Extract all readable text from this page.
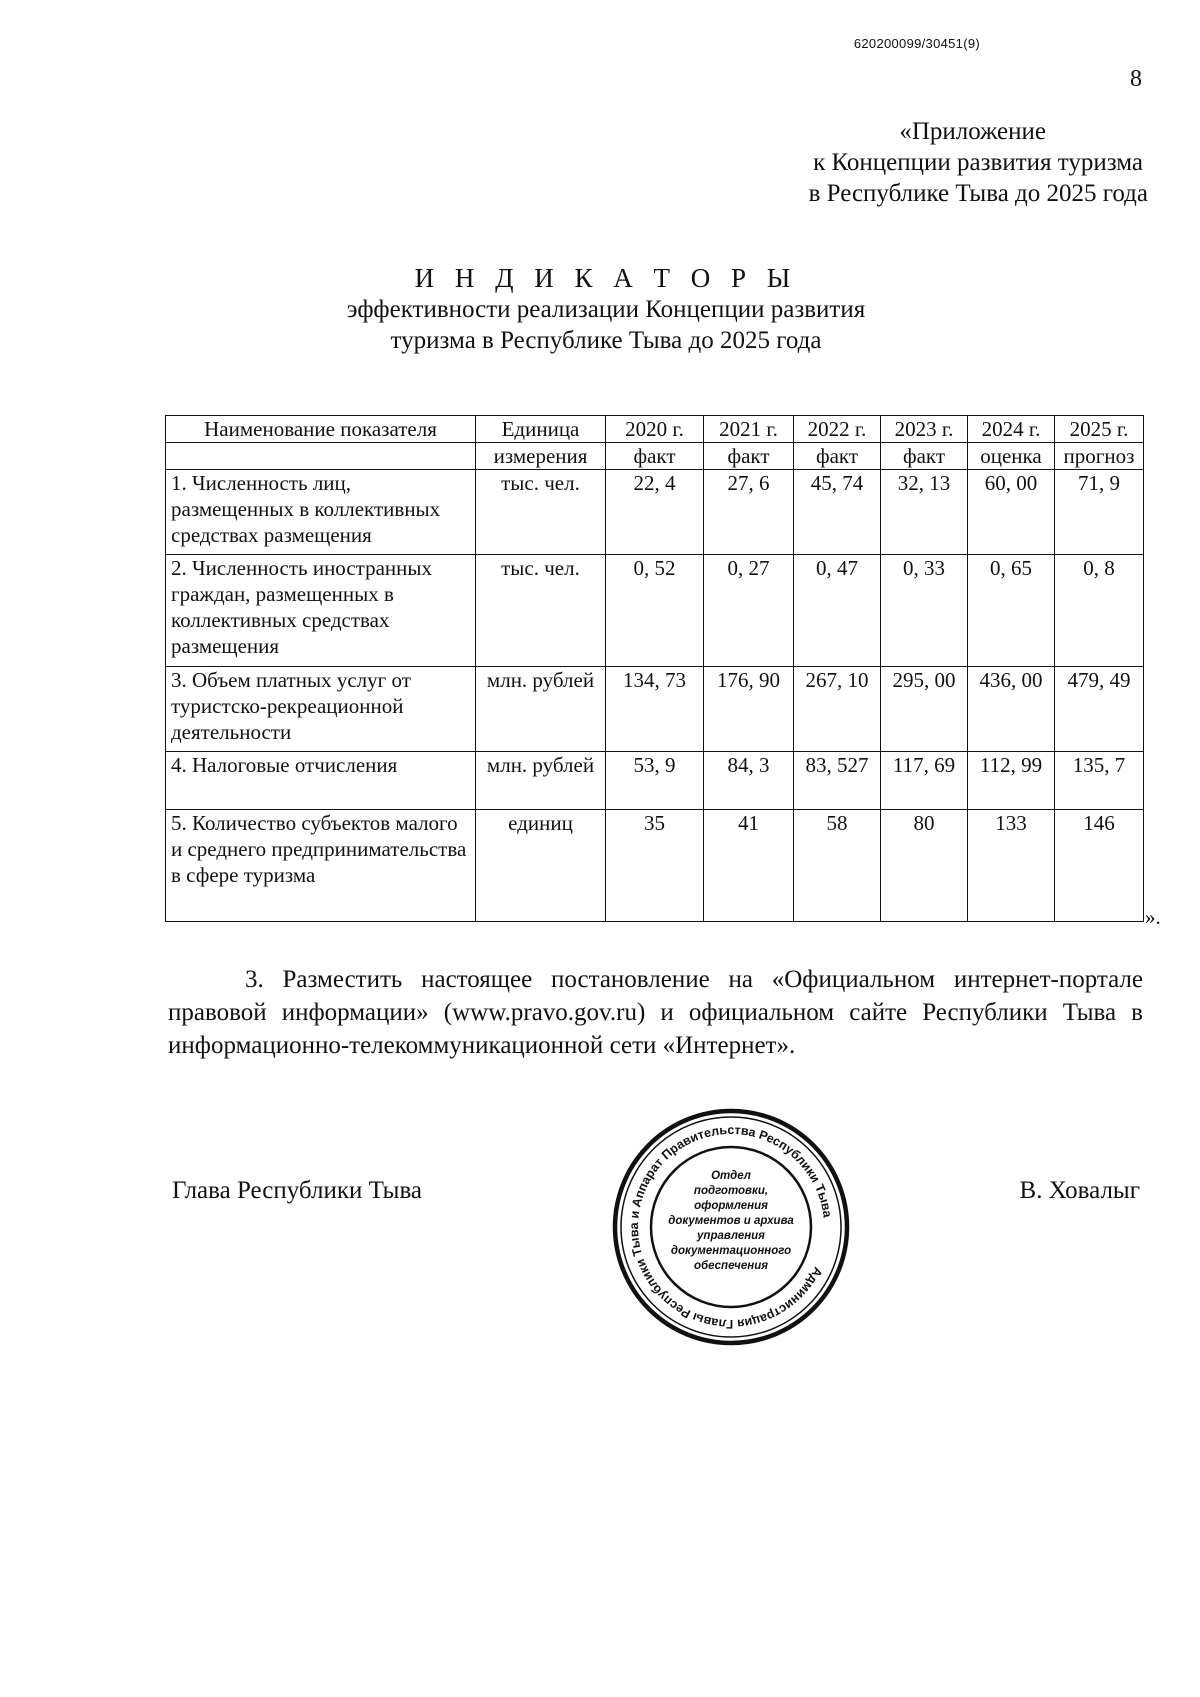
620200099/30451(9)
8
«Приложение
к Концепции развития туризма
в Республике Тыва до 2025 года
И Н Д И К А Т О Р Ы
эффективности реализации Концепции развития
туризма в Республике Тыва до 2025 года
Наименование показателя	Единица	2020 г.	2021 г.	2022 г.	2023 г.	2024 г.	2025 г.
	измерения	факт	факт	факт	факт	оценка	прогноз
1. Численность лиц, размещенных в коллективных средствах размещения	тыс. чел.	22, 4	27, 6	45, 74	32, 13	60, 00	71, 9
2. Численность иностранных граждан, размещенных в коллективных средствах размещения	тыс. чел.	0, 52	0, 27	0, 47	0, 33	0, 65	0, 8
3. Объем платных услуг от туристско-рекреационной деятельности	млн. рублей	134, 73	176, 90	267, 10	295, 00	436, 00	479, 49
4. Налоговые отчисления	млн. рублей	53, 9	84, 3	83, 527	117, 69	112, 99	135, 7
5. Количество субъектов малого и среднего предпринимательства в сфере туризма	единиц	35	41	58	80	133	146
».
3. Разместить настоящее постановление на «Официальном интернет-портале правовой информации» (www.pravo.gov.ru) и официальном сайте Республики Тыва в информационно-телекоммуникационной сети «Интернет».
Глава Республики Тыва	В. Ховалыг
Администрация Главы Республики Тыва и Аппарат Правительства Республики Тыва
Отдел
подготовки,
оформления
документов и архива
управления
документационного
обеспечения
